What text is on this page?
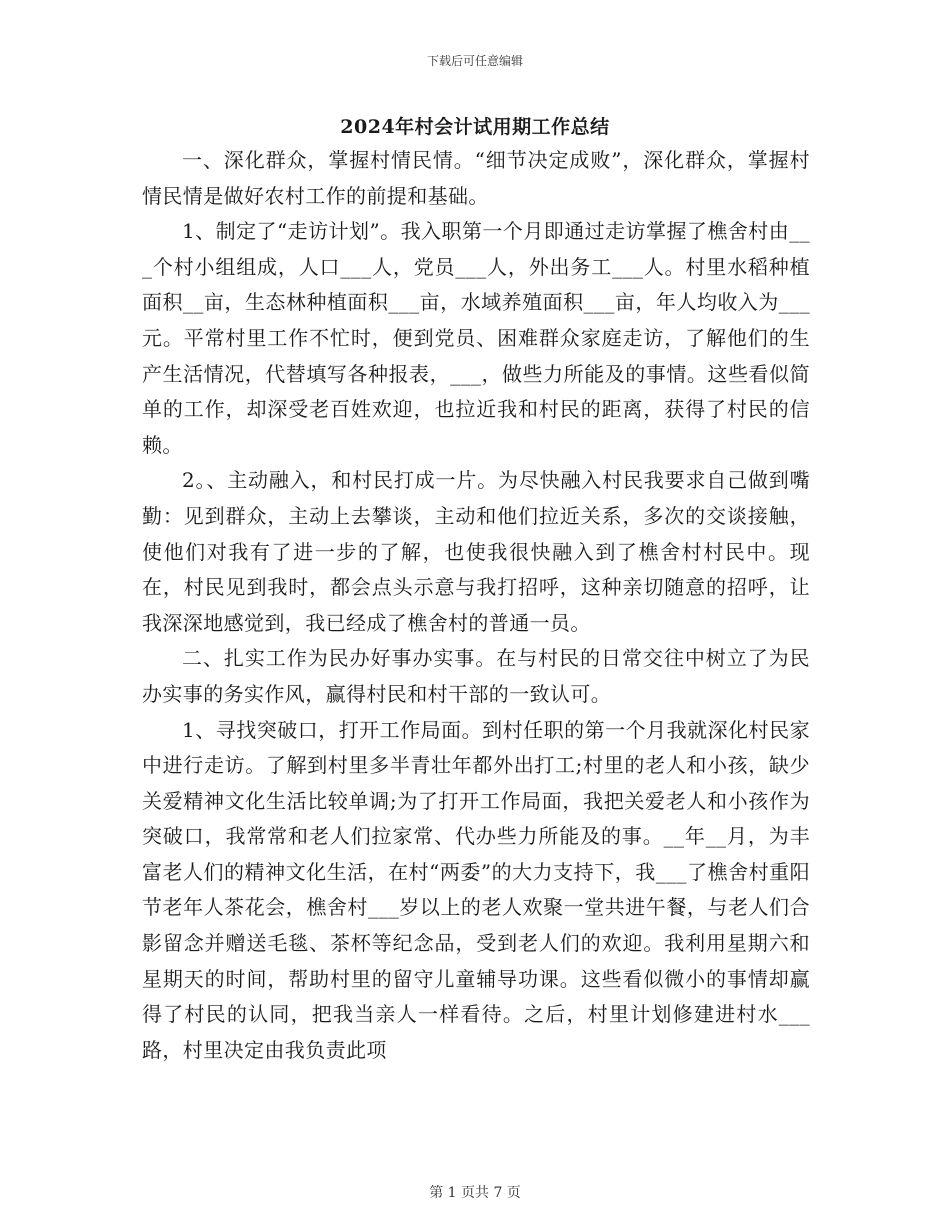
下载后可任意编辑
2024年村会计试用期工作总结

一、深化群众，掌握村情民情。“细节决定成败”，深化群众，掌握村情民情是做好农村工作的前提和基础。

1、制定了“走访计划”。我入职第一个月即通过走访掌握了樵舍村由___个村小组组成，人口___人，党员___人，外出务工___人。村里水稻种植面积__亩，生态林种植面积___亩，水域养殖面积___亩，年人均收入为___元。平常村里工作不忙时，便到党员、困难群众家庭走访，了解他们的生产生活情况，代替填写各种报表，___，做些力所能及的事情。这些看似简单的工作，却深受老百姓欢迎，也拉近我和村民的距离，获得了村民的信赖。

2。、主动融入，和村民打成一片。为尽快融入村民我要求自己做到嘴勤：见到群众，主动上去攀谈，主动和他们拉近关系，多次的交谈接触，使他们对我有了进一步的了解，也使我很快融入到了樵舍村村民中。现在，村民见到我时，都会点头示意与我打招呼，这种亲切随意的招呼，让我深深地感觉到，我已经成了樵舍村的普通一员。

二、扎实工作为民办好事办实事。在与村民的日常交往中树立了为民办实事的务实作风，赢得村民和村干部的一致认可。

1、寻找突破口，打开工作局面。到村任职的第一个月我就深化村民家中进行走访。了解到村里多半青壮年都外出打工;村里的老人和小孩，缺少关爱精神文化生活比较单调;为了打开工作局面，我把关爱老人和小孩作为突破口，我常常和老人们拉家常、代办些力所能及的事。__年__月，为丰富老人们的精神文化生活，在村“两委”的大力支持下，我___了樵舍村重阳节老年人茶花会，樵舍村___岁以上的老人欢聚一堂共进午餐，与老人们合影留念并赠送毛毯、茶杯等纪念品，受到老人们的欢迎。我利用星期六和星期天的时间，帮助村里的留守儿童辅导功课。这些看似微小的事情却赢得了村民的认同，把我当亲人一样看待。之后，村里计划修建进村水___路，村里决定由我负责此项

第 1 页共 7 页
